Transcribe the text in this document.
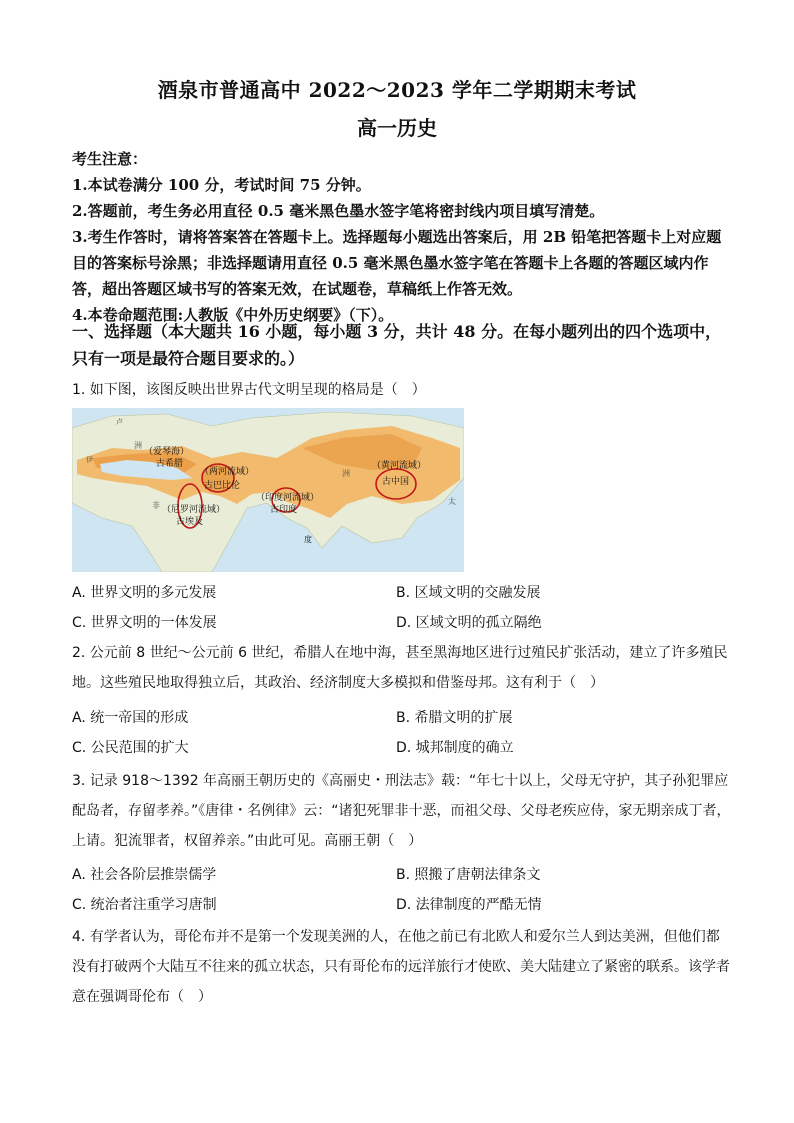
酒泉市普通高中 2022～2023 学年二学期期末考试
高一历史

考生注意：

1.本试卷满分 100 分，考试时间 75 分钟。

2.答题前，考生务必用直径 0.5 毫米黑色墨水签字笔将密封线内项目填写清楚。

3.考生作答时，请将答案答在答题卡上。选择题每小题选出答案后，用 2B 铅笔把答题卡上对应题目的答案标号涂黑；非选择题请用直径 0.5 毫米黑色墨水签字笔在答题卡上各题的答题区域内作答，超出答题区域书写的答案无效，在试题卷，草稿纸上作答无效。

4.本卷命题范围:人教版《中外历史纲要》（下）。

一、选择题（本大题共 16 小题，每小题 3 分，共计 48 分。在每小题列出的四个选项中，只有一项是最符合题目要求的。）

1. 如下图，该图反映出世界古代文明呈现的格局是（　）

（爱琴海）
古希腊
（两河流域）
古巴比伦
（尼罗河流域）
古埃及
（印度河流域）
古印度
（黄河流域）
古中国
度
非
洲
洲
太
伊
卢
A. 世界文明的多元发展	B. 区域文明的交融发展
C. 世界文明的一体发展	D. 区域文明的孤立隔绝

2. 公元前 8 世纪～公元前 6 世纪，希腊人在地中海，甚至黑海地区进行过殖民扩张活动，建立了许多殖民地。这些殖民地取得独立后，其政治、经济制度大多模拟和借鉴母邦。这有利于（　）

A. 统一帝国的形成	B. 希腊文明的扩展
C. 公民范围的扩大	D. 城邦制度的确立

3. 记录 918～1392 年高丽王朝历史的《高丽史・刑法志》载：“年七十以上，父母无守护，其子孙犯罪应配岛者，存留孝养。”《唐律・名例律》云：“诸犯死罪非十恶，而祖父母、父母老疾应侍，家无期亲成丁者，上请。犯流罪者，权留养亲。”由此可见。高丽王朝（　）

A. 社会各阶层推崇儒学	B. 照搬了唐朝法律条文
C. 统治者注重学习唐制	D. 法律制度的严酷无情

4. 有学者认为，哥伦布并不是第一个发现美洲的人，在他之前已有北欧人和爱尔兰人到达美洲，但他们都没有打破两个大陆互不往来的孤立状态，只有哥伦布的远洋旅行才使欧、美大陆建立了紧密的联系。该学者意在强调哥伦布（　）
